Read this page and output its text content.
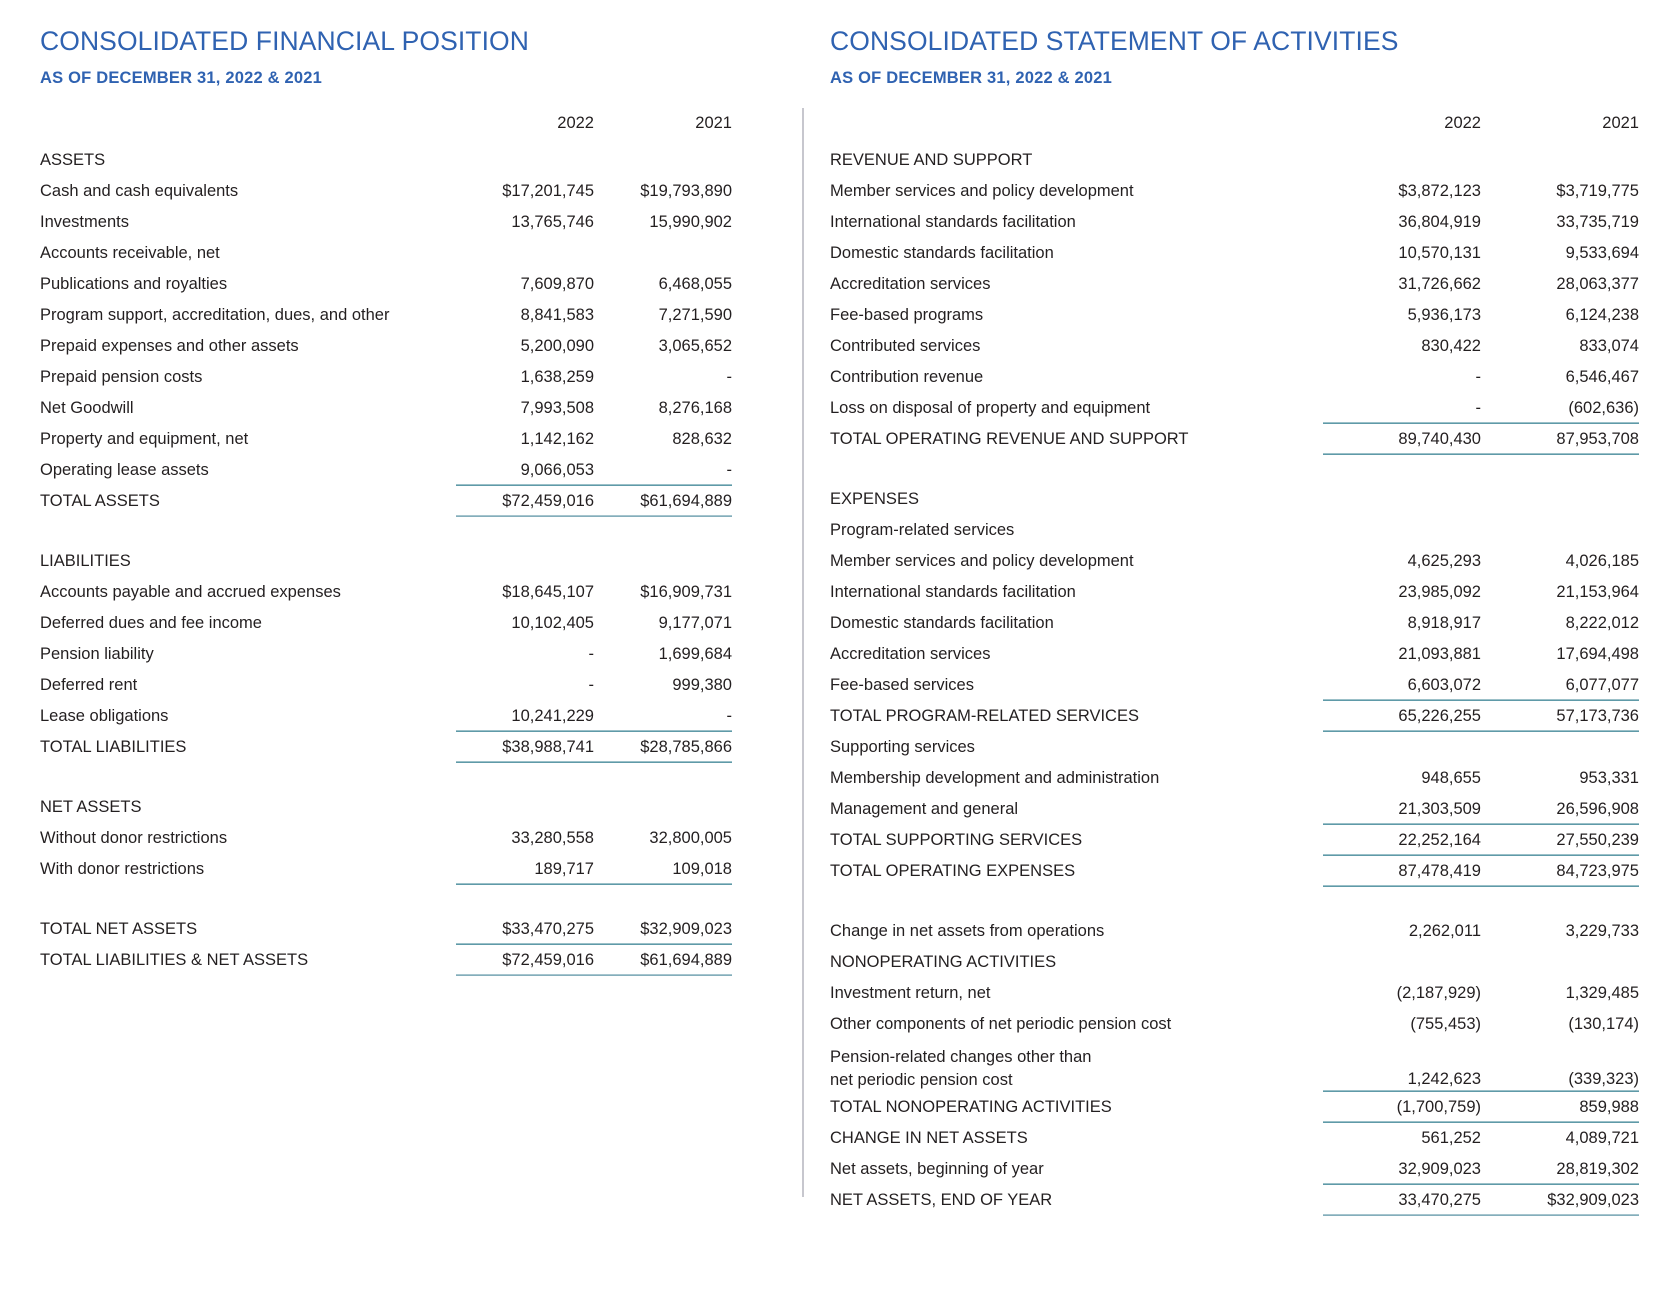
CONSOLIDATED FINANCIAL POSITION
AS OF DECEMBER 31, 2022 & 2021
	2022	2021
ASSETS		
Cash and cash equivalents	$17,201,745	$19,793,890
Investments	13,765,746	15,990,902
Accounts receivable, net		
Publications and royalties	7,609,870	6,468,055
Program support, accreditation, dues, and other	8,841,583	7,271,590
Prepaid expenses and other assets	5,200,090	3,065,652
Prepaid pension costs	1,638,259	-
Net Goodwill	7,993,508	8,276,168
Property and equipment, net	1,142,162	828,632
Operating lease assets	9,066,053	-
TOTAL ASSETS	$72,459,016	$61,694,889

LIABILITIES		
Accounts payable and accrued expenses	$18,645,107	$16,909,731
Deferred dues and fee income	10,102,405	9,177,071
Pension liability	-	1,699,684
Deferred rent	-	999,380
Lease obligations	10,241,229	-
TOTAL LIABILITIES	$38,988,741	$28,785,866

NET ASSETS		
Without donor restrictions	33,280,558	32,800,005
With donor restrictions	189,717	109,018

TOTAL NET ASSETS	$33,470,275	$32,909,023
TOTAL LIABILITIES & NET ASSETS	$72,459,016	$61,694,889
CONSOLIDATED STATEMENT OF ACTIVITIES
AS OF DECEMBER 31, 2022 & 2021
	2022	2021
REVENUE AND SUPPORT		
Member services and policy development	$3,872,123	$3,719,775
International standards facilitation	36,804,919	33,735,719
Domestic standards facilitation	10,570,131	9,533,694
Accreditation services	31,726,662	28,063,377
Fee-based programs	5,936,173	6,124,238
Contributed services	830,422	833,074
Contribution revenue	-	6,546,467
Loss on disposal of property and equipment	-	(602,636)
TOTAL OPERATING REVENUE AND SUPPORT	89,740,430	87,953,708

EXPENSES		
Program-related services		
Member services and policy development	4,625,293	4,026,185
International standards facilitation	23,985,092	21,153,964
Domestic standards facilitation	8,918,917	8,222,012
Accreditation services	21,093,881	17,694,498
Fee-based services	6,603,072	6,077,077
TOTAL PROGRAM-RELATED SERVICES	65,226,255	57,173,736
Supporting services		
Membership development and administration	948,655	953,331
Management and general	21,303,509	26,596,908
TOTAL SUPPORTING SERVICES	22,252,164	27,550,239
TOTAL OPERATING EXPENSES	87,478,419	84,723,975

Change in net assets from operations	2,262,011	3,229,733
NONOPERATING ACTIVITIES		
Investment return, net	(2,187,929)	1,329,485
Other components of net periodic pension cost	(755,453)	(130,174)

Pension-related changes other than
net periodic pension cost	1,242,623	(339,323)
TOTAL NONOPERATING ACTIVITIES	(1,700,759)	859,988
CHANGE IN NET ASSETS	561,252	4,089,721
Net assets, beginning of year	32,909,023	28,819,302
NET ASSETS, END OF YEAR	33,470,275	$32,909,023
